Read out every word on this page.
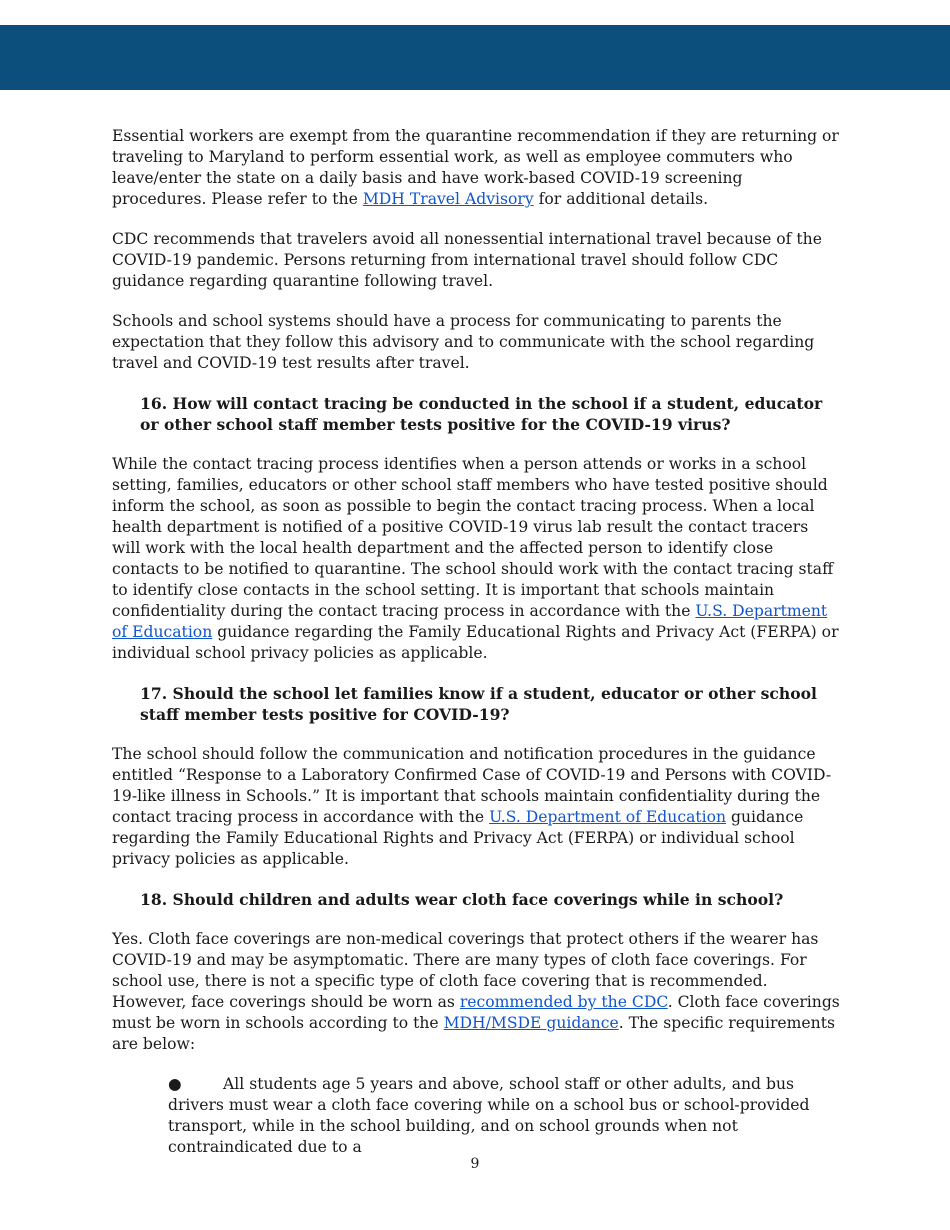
Essential workers are exempt from the quarantine recommendation if they are returning or traveling to Maryland to perform essential work, as well as employee commuters who leave/enter the state on a daily basis and have work-based COVID-19 screening procedures. Please refer to the MDH Travel Advisory for additional details.

CDC recommends that travelers avoid all nonessential international travel because of the COVID-19 pandemic. Persons returning from international travel should follow CDC guidance regarding quarantine following travel.

Schools and school systems should have a process for communicating to parents the expectation that they follow this advisory and to communicate with the school regarding travel and COVID-19 test results after travel.

16. How will contact tracing be conducted in the school if a student, educator or other school staff member tests positive for the COVID-19 virus?

While the contact tracing process identifies when a person attends or works in a school setting, families, educators or other school staff members who have tested positive should inform the school, as soon as possible to begin the contact tracing process. When a local health department is notified of a positive COVID-19 virus lab result the contact tracers will work with the local health department and the affected person to identify close contacts to be notified to quarantine. The school should work with the contact tracing staff to identify close contacts in the school setting. It is important that schools maintain confidentiality during the contact tracing process in accordance with the U.S. Department of Education guidance regarding the Family Educational Rights and Privacy Act (FERPA) or individual school privacy policies as applicable.

17. Should the school let families know if a student, educator or other school staff member tests positive for COVID-19?

The school should follow the communication and notification procedures in the guidance entitled “Response to a Laboratory Confirmed Case of COVID-19 and Persons with COVID-19-like illness in Schools.” It is important that schools maintain confidentiality during the contact tracing process in accordance with the U.S. Department of Education guidance regarding the Family Educational Rights and Privacy Act (FERPA) or individual school privacy policies as applicable.

18. Should children and adults wear cloth face coverings while in school?

Yes. Cloth face coverings are non-medical coverings that protect others if the wearer has COVID-19 and may be asymptomatic. There are many types of cloth face coverings. For school use, there is not a specific type of cloth face covering that is recommended. However, face coverings should be worn as recommended by the CDC. Cloth face coverings must be worn in schools according to the MDH/MSDE guidance. The specific requirements are below:

●	All students age 5 years and above, school staff or other adults, and bus drivers must wear a cloth face covering while on a school bus or school-provided transport, while in the school building, and on school grounds when not contraindicated due to a

9
